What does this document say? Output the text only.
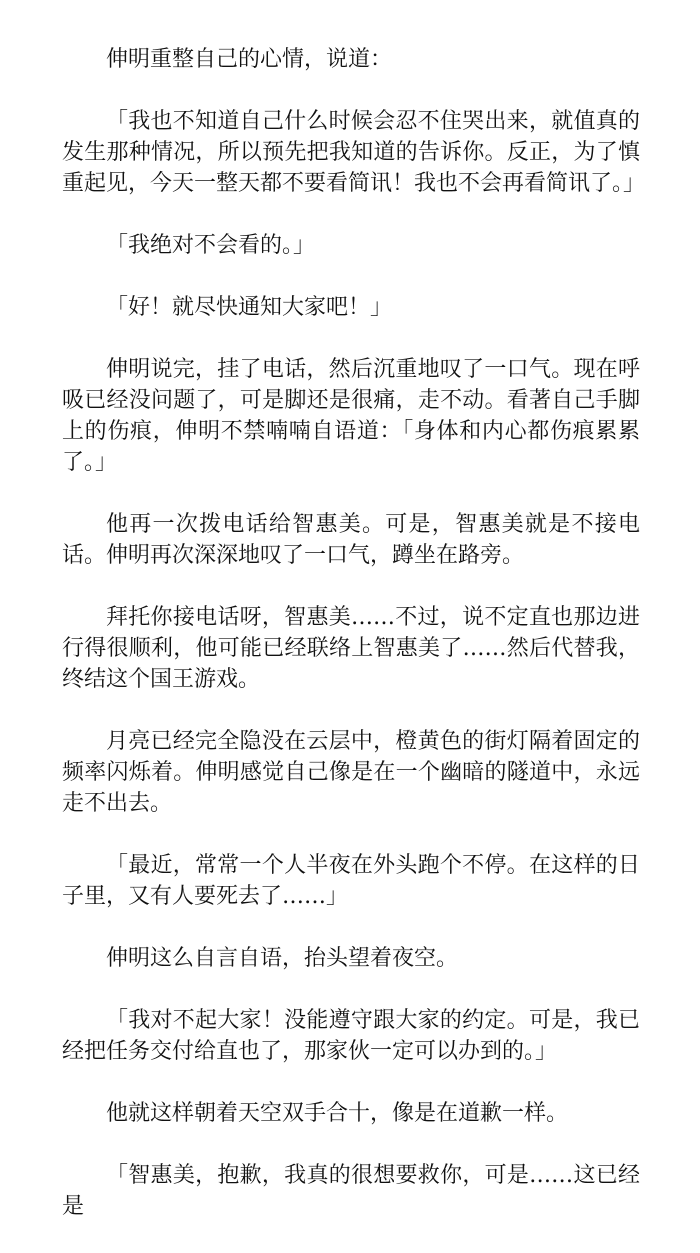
伸明重整自己的心情，说道：

「我也不知道自己什么时候会忍不住哭出来，就值真的发生那种情况，所以预先把我知道的告诉你。反正，为了慎重起见，今天一整天都不要看简讯！我也不会再看简讯了。」

「我绝对不会看的。」

「好！就尽快通知大家吧！」

伸明说完，挂了电话，然后沉重地叹了一口气。现在呼吸已经没问题了，可是脚还是很痛，走不动。看著自己手脚上的伤痕，伸明不禁喃喃自语道：「身体和内心都伤痕累累了。」

他再一次拨电话给智惠美。可是，智惠美就是不接电话。伸明再次深深地叹了一口气，蹲坐在路旁。

拜托你接电话呀，智惠美……不过，说不定直也那边进行得很顺利，他可能已经联络上智惠美了……然后代替我，终结这个国王游戏。

月亮已经完全隐没在云层中，橙黄色的街灯隔着固定的频率闪烁着。伸明感觉自己像是在一个幽暗的隧道中，永远走不出去。

「最近，常常一个人半夜在外头跑个不停。在这样的日子里，又有人要死去了……」

伸明这么自言自语，抬头望着夜空。

「我对不起大家！没能遵守跟大家的约定。可是，我已经把任务交付给直也了，那家伙一定可以办到的。」

他就这样朝着天空双手合十，像是在道歉一样。

「智惠美，抱歉，我真的很想要救你，可是……这已经是
